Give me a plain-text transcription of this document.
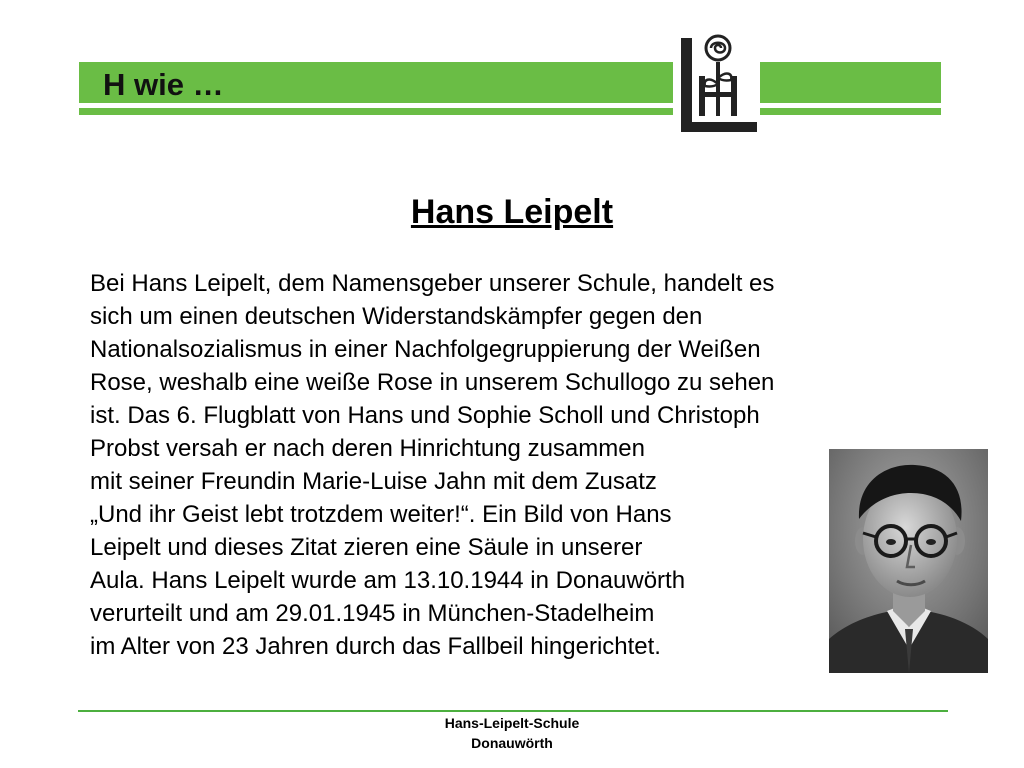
H wie …
Hans Leipelt

Bei Hans Leipelt, dem Namensgeber unserer Schule, handelt es
sich um einen deutschen Widerstandskämpfer gegen den
Nationalsozialismus in einer Nachfolgegruppierung der Weißen
Rose, weshalb eine weiße Rose in unserem Schullogo zu sehen
ist. Das 6. Flugblatt von Hans und Sophie Scholl und Christoph
Probst versah er nach deren Hinrichtung zusammen
mit seiner Freundin Marie-Luise Jahn mit dem Zusatz
„Und ihr Geist lebt trotzdem weiter!“. Ein Bild von Hans
Leipelt und dieses Zitat zieren eine Säule in unserer
Aula. Hans Leipelt wurde am 13.10.1944 in Donauwörth
verurteilt und am 29.01.1945 in München-Stadelheim
im Alter von 23 Jahren durch das Fallbeil hingerichtet.

Hans-Leipelt-Schule
Donauwörth
